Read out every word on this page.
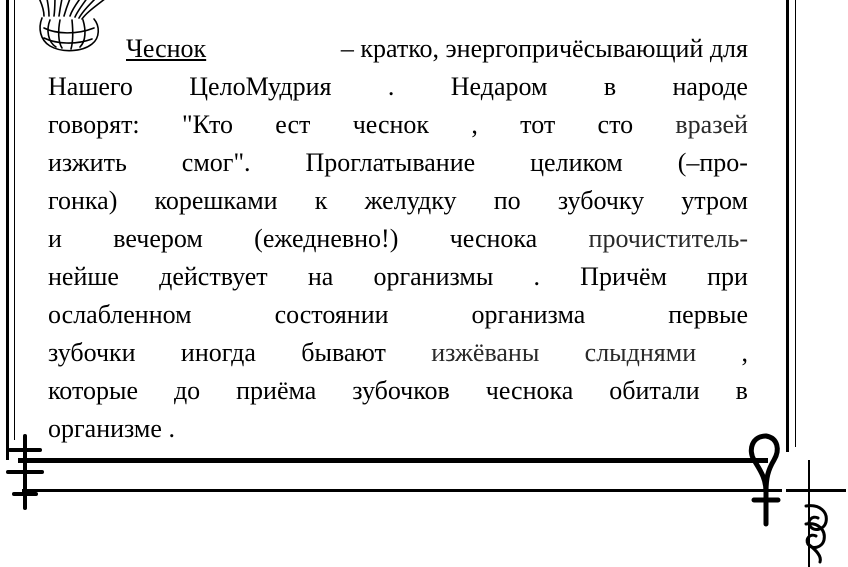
Чеснок	– кратко, энергопричёсывающий для
Нашего ЦелоМудрия . Недаром в народе
говорят: "Кто ест чеснок , тот сто вразей
изжить смог". Проглатывание целиком (–про-
гонка) корешками к желудку по зубочку утром
и вечером (ежедневно!) чеснока прочиститель-
нейше действует на организмы . Причём при
ослабленном	состоянии	организма	первые
зубочки иногда бывают изжёваны слыднями ,
которые до приёма зубочков чеснока обитали в
организме .
